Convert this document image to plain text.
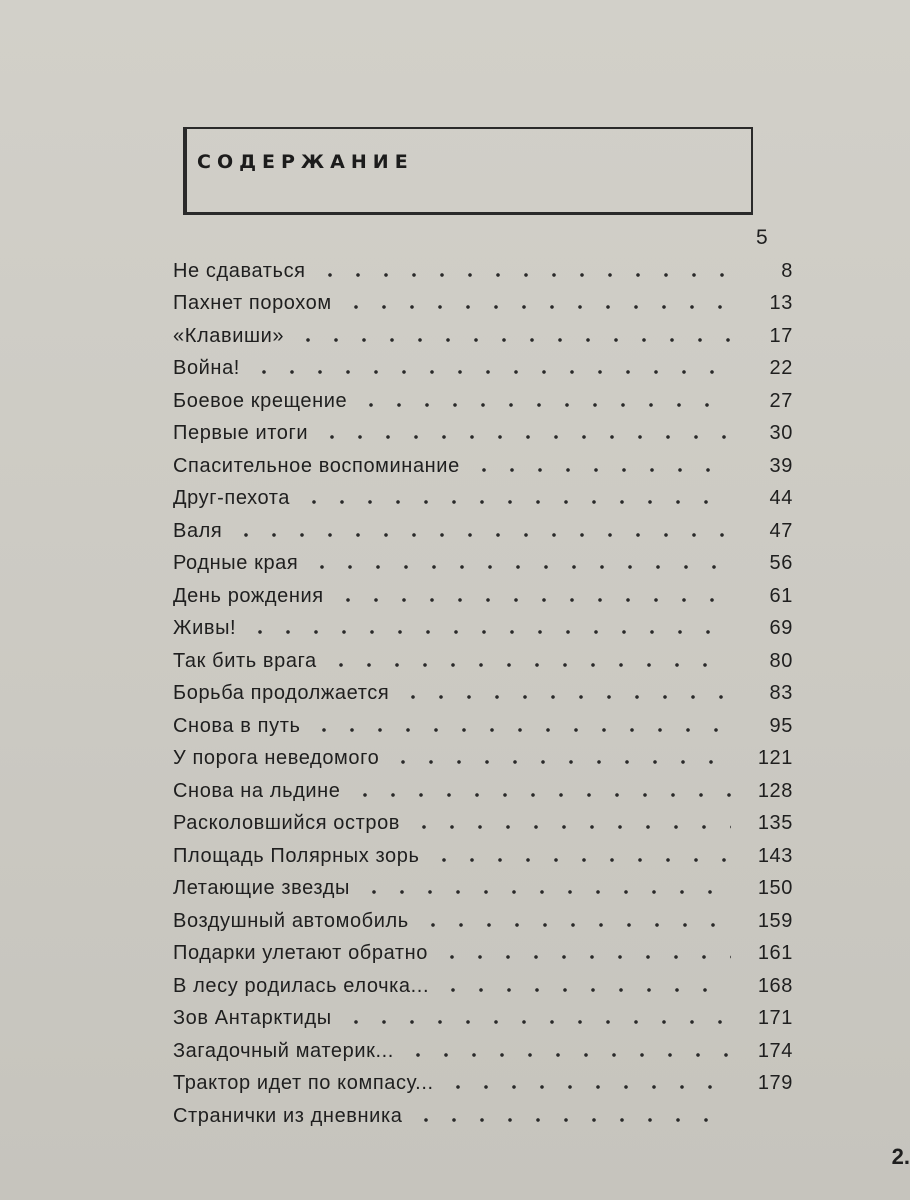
СОДЕРЖАНИЕ
5
Не сдаваться	8
Пахнет порохом	13
«Клавиши»	17
Война!	22
Боевое крещение	27
Первые итоги	30
Спасительное воспоминание	39
Друг-пехота	44
Валя	47
Родные края	56
День рождения	61
Живы!	69
Так бить врага	80
Борьба продолжается	83
Снова в путь	95
У порога неведомого	121
Снова на льдине	128
Расколовшийся остров	135
Площадь Полярных зорь	143
Летающие звезды	150
Воздушный автомобиль	159
Подарки улетают обратно	161
В лесу родилась елочка...	168
Зов Антарктиды	171
Загадочный материк...	174
Трактор идет по компасу...	179
Странички из дневника
2.
